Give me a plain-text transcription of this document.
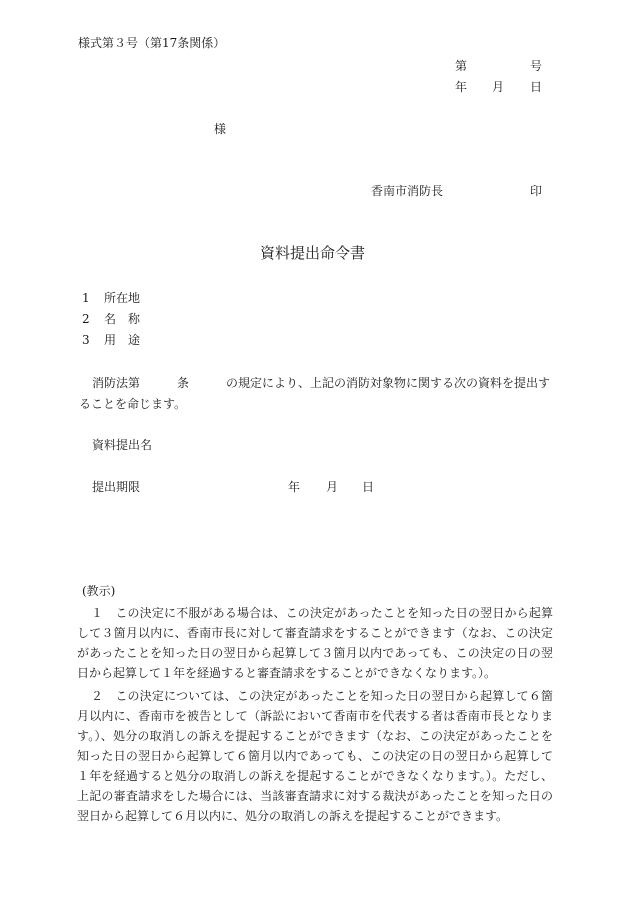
様式第３号（第17条関係）
第	号
年 月 日
様
香南市消防長	印
資料提出命令書
1 所在地
2 名　称
3 用　途
消防法第	条	の規定により、上記の消防対象物に関する次の資料を提出す
ることを命じます。
資料提出名
提出期限	年 月 日
(教示)
１　この決定に不服がある場合は、この決定があったことを知った日の翌日から起算して３箇月以内に、香南市長に対して審査請求をすることができます（なお、この決定があったことを知った日の翌日から起算して３箇月以内であっても、この決定の日の翌日から起算して１年を経過すると審査請求をすることができなくなります。）。
２　この決定については、この決定があったことを知った日の翌日から起算して６箇月以内に、香南市を被告として（訴訟において香南市を代表する者は香南市長となります。）、処分の取消しの訴えを提起することができます（なお、この決定があったことを知った日の翌日から起算して６箇月以内であっても、この決定の日の翌日から起算して１年を経過すると処分の取消しの訴えを提起することができなくなります。）。ただし、上記の審査請求をした場合には、当該審査請求に対する裁決があったことを知った日の翌日から起算して６月以内に、処分の取消しの訴えを提起することができます。
